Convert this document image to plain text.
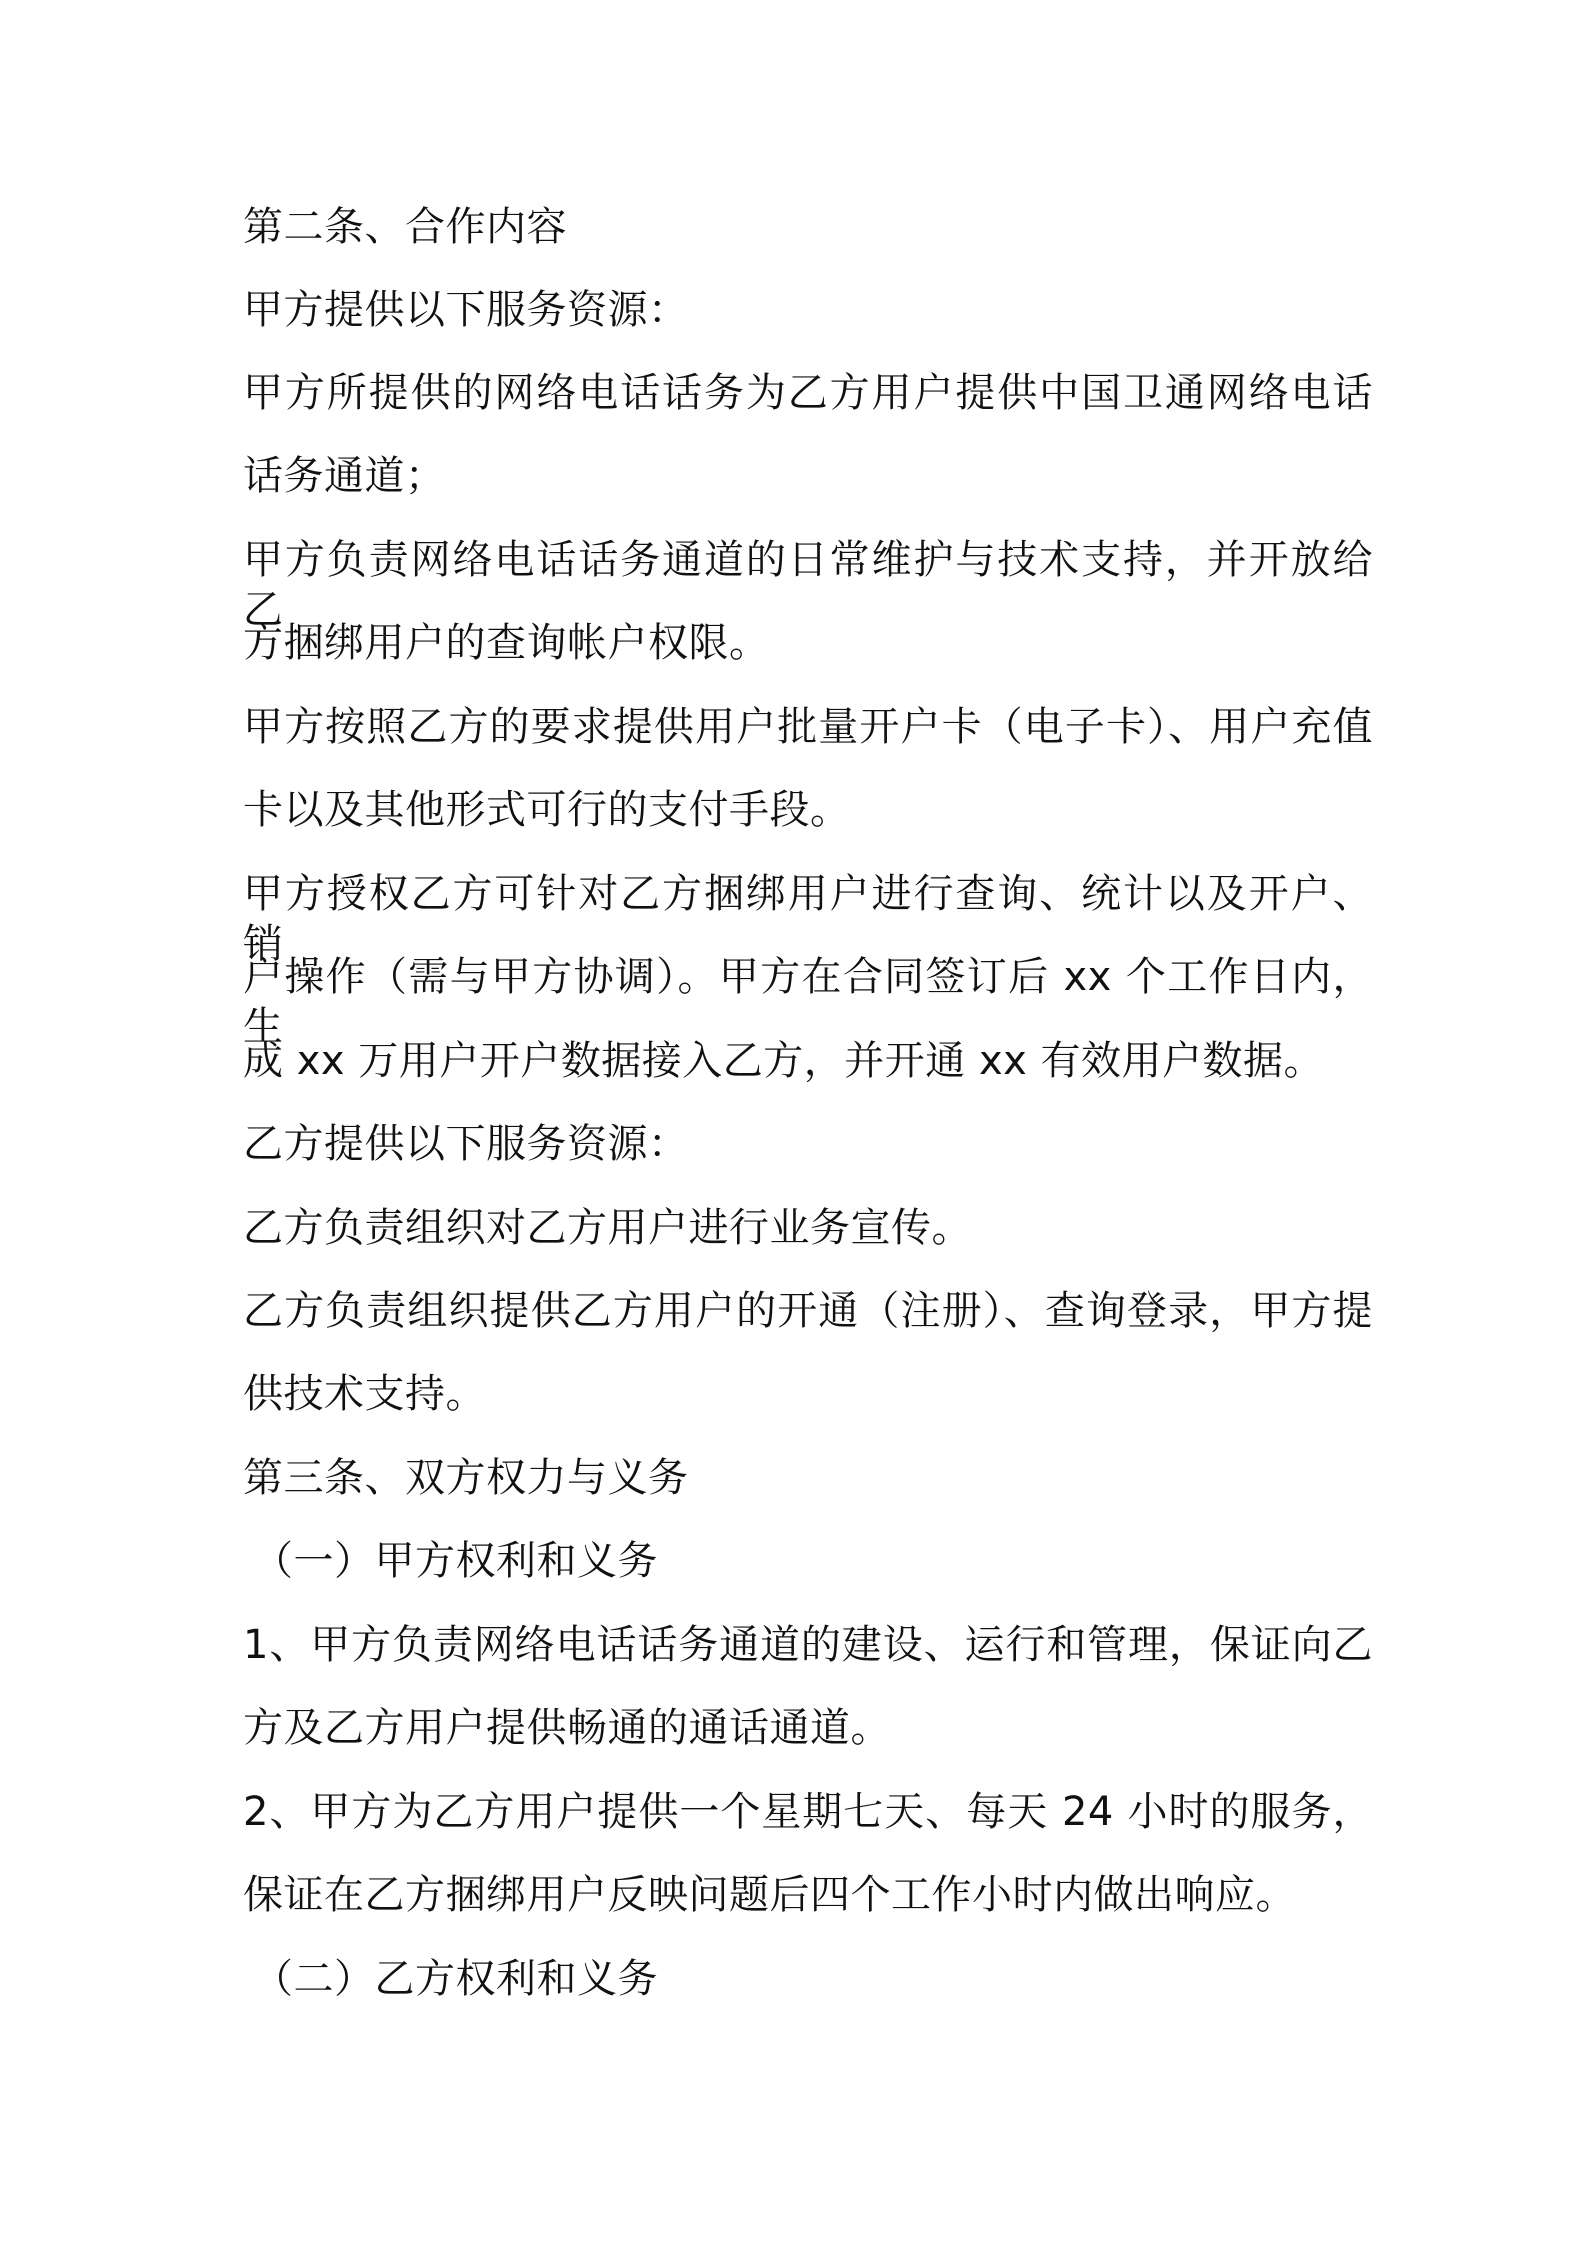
第二条、合作内容
甲方提供以下服务资源：
甲方所提供的网络电话话务为乙方用户提供中国卫通网络电话
话务通道；
甲方负责网络电话话务通道的日常维护与技术支持，并开放给乙
方捆绑用户的查询帐户权限。
甲方按照乙方的要求提供用户批量开户卡（电子卡）、用户充值
卡以及其他形式可行的支付手段。
甲方授权乙方可针对乙方捆绑用户进行查询、统计以及开户、销
户操作（需与甲方协调）。甲方在合同签订后 xx 个工作日内，生
成 xx 万用户开户数据接入乙方，并开通 xx 有效用户数据。
乙方提供以下服务资源：
乙方负责组织对乙方用户进行业务宣传。
乙方负责组织提供乙方用户的开通（注册）、查询登录，甲方提
供技术支持。
第三条、双方权力与义务
（一）甲方权利和义务
1、甲方负责网络电话话务通道的建设、运行和管理，保证向乙
方及乙方用户提供畅通的通话通道。
2、甲方为乙方用户提供一个星期七天、每天 24 小时的服务，
保证在乙方捆绑用户反映问题后四个工作小时内做出响应。
（二）乙方权利和义务
